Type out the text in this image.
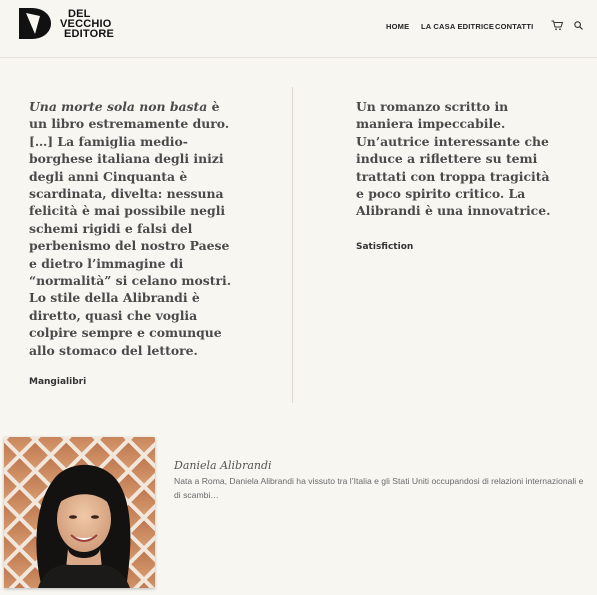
DEL
VECCHIO
EDITORE
HOME LA CASA EDITRICE CONTATTI
Una morte sola non basta è un libro estremamente duro. […] La famiglia medio-borghese italiana degli inizi degli anni Cinquanta è scardinata, divelta: nessuna felicità è mai possibile negli schemi rigidi e falsi del perbenismo del nostro Paese e dietro l’immagine di “normalità” si celano mostri. Lo stile della Alibrandi è diretto, quasi che voglia colpire sempre e comunque allo stomaco del lettore.
Mangialibri
Un romanzo scritto in maniera impeccabile. Un’autrice interessante che induce a riflettere su temi trattati con troppa tragicità e poco spirito critico. La Alibrandi è una innovatrice.
Satisfiction
Daniela Alibrandi
Nata a Roma, Daniela Alibrandi ha vissuto tra l’Italia e gli Stati Uniti occupandosi di relazioni internazionali e di scambi…
